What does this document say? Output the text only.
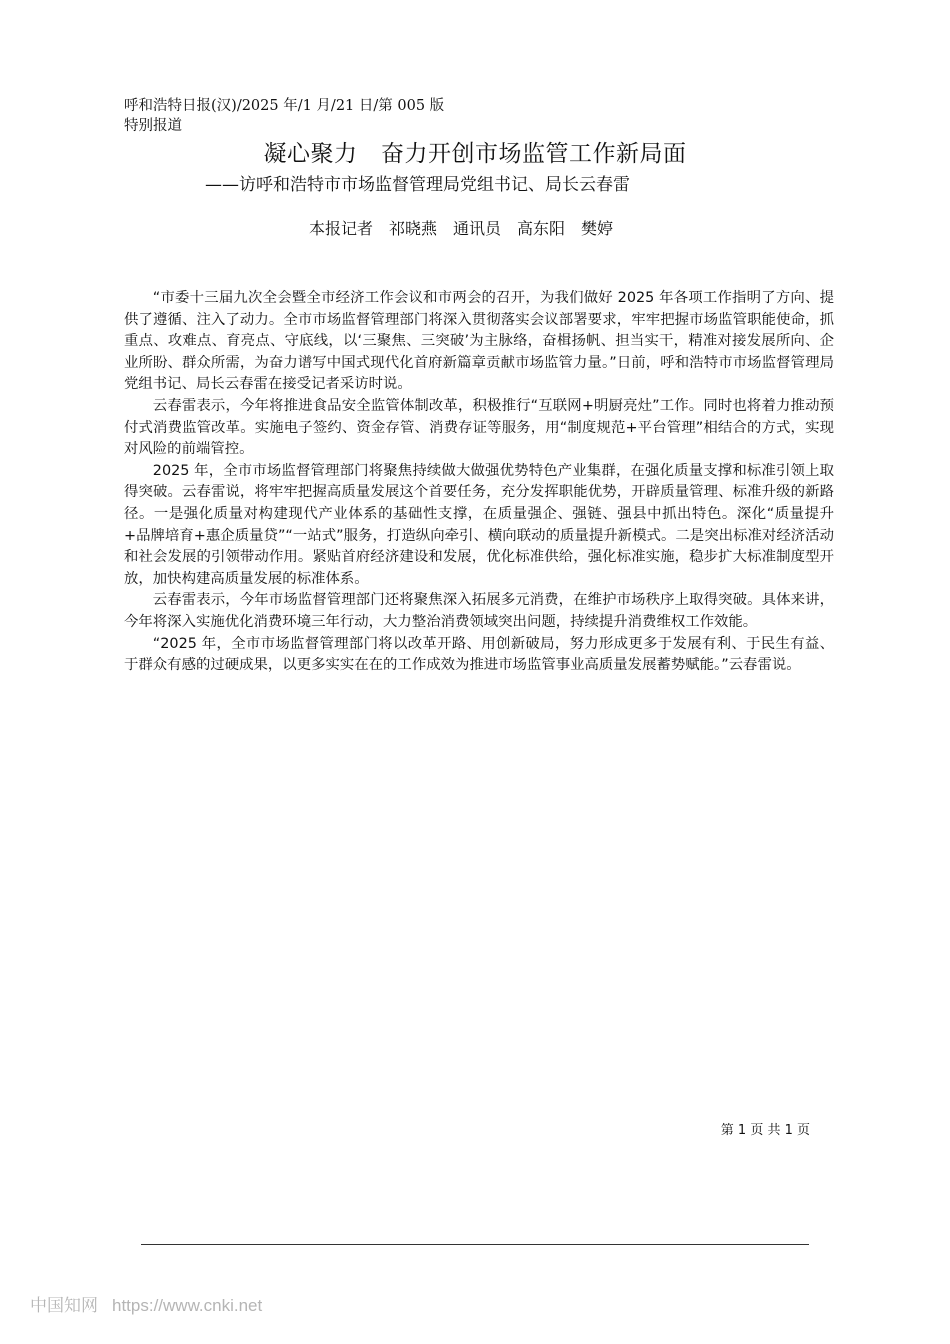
呼和浩特日报(汉)/2025 年/1 月/21 日/第 005 版特别报道
凝心聚力　奋力开创市场监管工作新局面
——访呼和浩特市市场监督管理局党组书记、局长云春雷
本报记者　祁晓燕　通讯员　高东阳　樊婷

“市委十三届九次全会暨全市经济工作会议和市两会的召开，为我们做好 2025 年各项工作指明了方向、提供了遵循、注入了动力。全市市场监督管理部门将深入贯彻落实会议部署要求，牢牢把握市场监管职能使命，抓重点、攻难点、育亮点、守底线，以‘三聚焦、三突破’为主脉络，奋楫扬帆、担当实干，精准对接发展所向、企业所盼、群众所需，为奋力谱写中国式现代化首府新篇章贡献市场监管力量。”日前，呼和浩特市市场监督管理局党组书记、局长云春雷在接受记者采访时说。

云春雷表示，今年将推进食品安全监管体制改革，积极推行“互联网+明厨亮灶”工作。同时也将着力推动预付式消费监管改革。实施电子签约、资金存管、消费存证等服务，用“制度规范+平台管理”相结合的方式，实现对风险的前端管控。

2025 年，全市市场监督管理部门将聚焦持续做大做强优势特色产业集群，在强化质量支撑和标准引领上取得突破。云春雷说，将牢牢把握高质量发展这个首要任务，充分发挥职能优势，开辟质量管理、标准升级的新路径。一是强化质量对构建现代产业体系的基础性支撑，在质量强企、强链、强县中抓出特色。深化“质量提升+品牌培育+惠企质量贷”“一站式”服务，打造纵向牵引、横向联动的质量提升新模式。二是突出标准对经济活动和社会发展的引领带动作用。紧贴首府经济建设和发展，优化标准供给，强化标准实施，稳步扩大标准制度型开放，加快构建高质量发展的标准体系。

云春雷表示，今年市场监督管理部门还将聚焦深入拓展多元消费，在维护市场秩序上取得突破。具体来讲，今年将深入实施优化消费环境三年行动，大力整治消费领域突出问题，持续提升消费维权工作效能。

“2025 年，全市市场监督管理部门将以改革开路、用创新破局，努力形成更多于发展有利、于民生有益、于群众有感的过硬成果，以更多实实在在的工作成效为推进市场监管事业高质量发展蓄势赋能。”云春雷说。

第 1 页 共 1 页
中国知网 https://www.cnki.net
